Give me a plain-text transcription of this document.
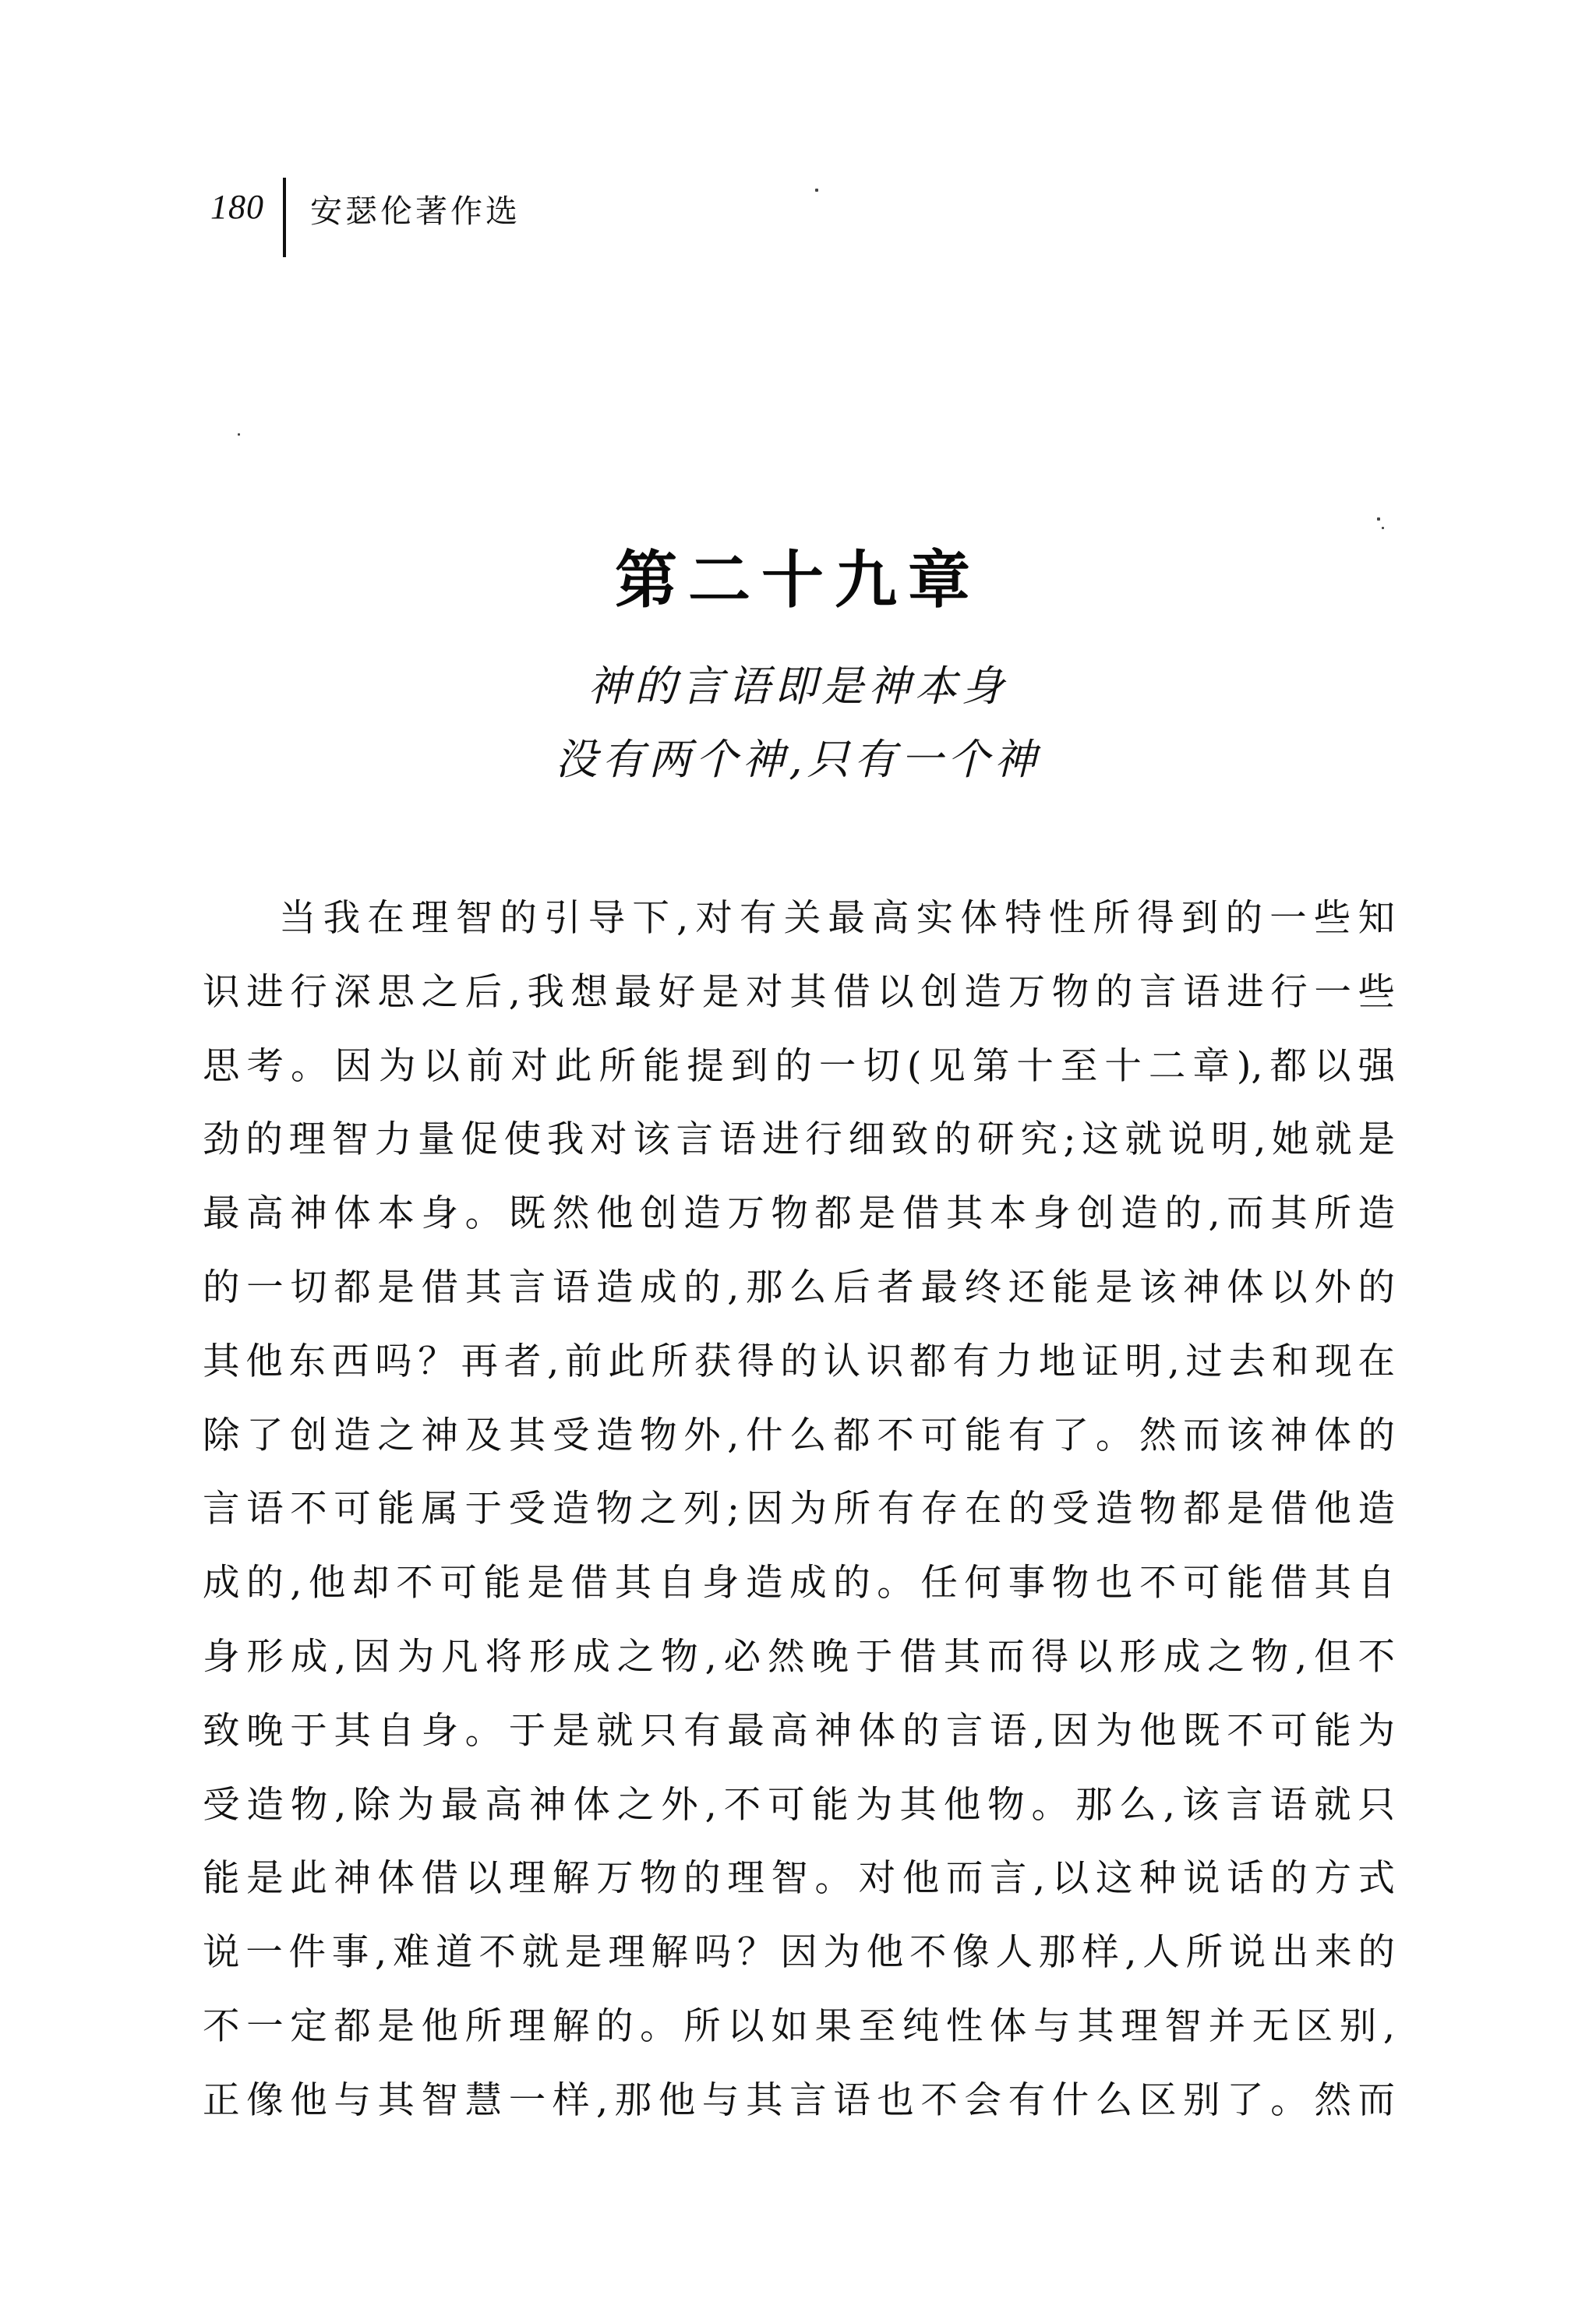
180 安瑟伦著作选
第二十九章
神的言语即是神本身
没有两个神,只有一个神
当我在理智的引导下,对有关最高实体特性所得到的一些知
识进行深思之后,我想最好是对其借以创造万物的言语进行一些
思考。因为以前对此所能提到的一切(见第十至十二章),都以强
劲的理智力量促使我对该言语进行细致的研究;这就说明,她就是
最高神体本身。既然他创造万物都是借其本身创造的,而其所造
的一切都是借其言语造成的,那么后者最终还能是该神体以外的
其他东西吗？再者,前此所获得的认识都有力地证明,过去和现在
除了创造之神及其受造物外,什么都不可能有了。然而该神体的
言语不可能属于受造物之列;因为所有存在的受造物都是借他造
成的,他却不可能是借其自身造成的。任何事物也不可能借其自
身形成,因为凡将形成之物,必然晚于借其而得以形成之物,但不
致晚于其自身。于是就只有最高神体的言语,因为他既不可能为
受造物,除为最高神体之外,不可能为其他物。那么,该言语就只
能是此神体借以理解万物的理智。对他而言,以这种说话的方式
说一件事,难道不就是理解吗？因为他不像人那样,人所说出来的
不一定都是他所理解的。所以如果至纯性体与其理智并无区别,
正像他与其智慧一样,那他与其言语也不会有什么区别了。然而
